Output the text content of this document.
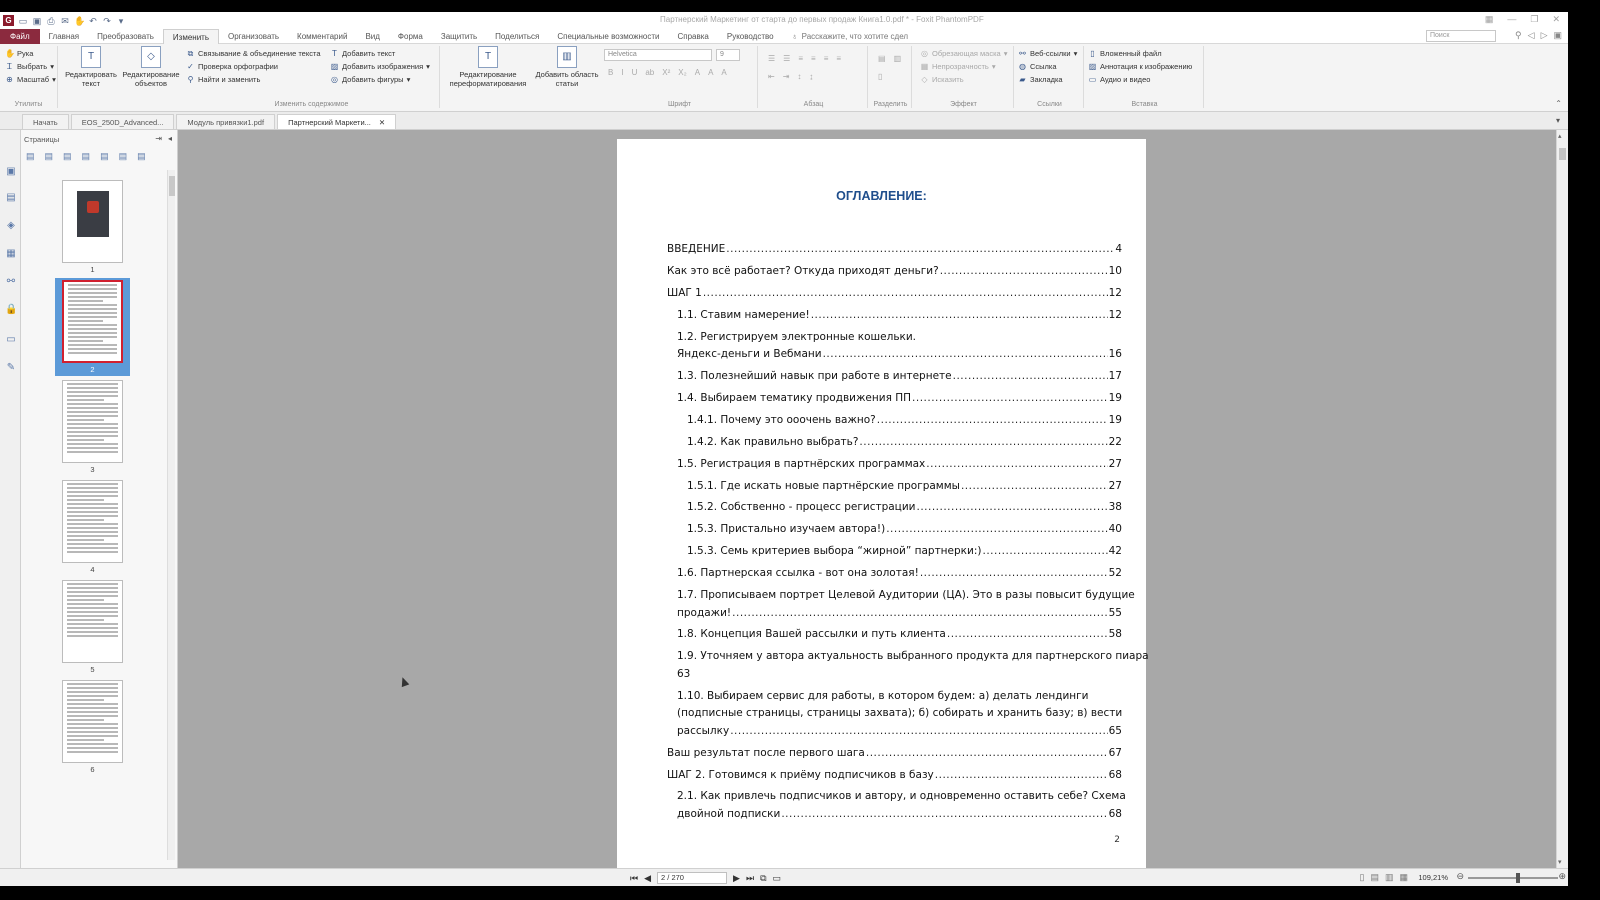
G ▭ ▣ ⎙ ✉ ✋ ↶ ↷ ▾	Партнерский Маркетинг от старта до первых продаж Книга1.0.pdf * - Foxit PhantomPDF	▦ — ❐ ✕
Файл	Главная	Преобразовать	Изменить	Организовать	Комментарий	Вид	Форма	Защитить	Поделиться	Специальные возможности	Справка	Руководство	♁ Расскажите, что хотите сдел	Поиск	⚲ ◁ ▷ ▣
✋ Рука
Ꮖ Выбрать ▾
⊕ Масштаб ▾
Утилиты
T
Редактировать текст
◇
Редактирование объектов
⧉ Связывание & объединение текста
✓ Проверка орфографии
⚲ Найти и заменить
T Добавить текст
▨ Добавить изображения ▾
◎ Добавить фигуры ▾
Изменить содержимое
T
Редактирование переформатирования
▥
Добавить область статьи
Helvetica	9
B I U ab X² X₂ A A A
Шрифт
☰ ☰ ≡ ≡ ≡ ≡
⇤ ⇥ ↕ ↨
Абзац
▤ ▥
▯
Разделить
◎ Обрезающая маска ▾
▦ Непрозрачность ▾
◇ Исказить
Эффект
⚯ Веб-ссылки ▾
◍ Ссылка
▰ Закладка
Ссылки
▯ Вложенный файл
▨ Аннотация к изображению
▭ Аудио и видео
Вставка	⌃
Начать	EOS_250D_Advanced...	Модуль привязки1.pdf	Партнерский Маркети... ✕	▾
▣
▤
◈
▦
⚯
🔒
▭
✎
Страницы	⇥ ◂
▤ ▤ ▤ ▤ ▤ ▤ ▤
1
2
3
4
5
6
ОГЛАВЛЕНИЕ:
ВВЕДЕНИЕ .....	4
Как это всё работает? Откуда приходят деньги? .....	10
ШАГ 1 .....	12
1.1. Ставим намерение! .....	12
1.2. Регистрируем электронные кошельки.
Яндекс-деньги и Вебмани .....	16
1.3. Полезнейший навык при работе в интернете .....	17
1.4. Выбираем тематику продвижения ПП .....	19
1.4.1. Почему это ооочень важно? .....	19
1.4.2. Как правильно выбрать? .....	22
1.5. Регистрация в партнёрских программах .....	27
1.5.1. Где искать новые партнёрские программы .....	27
1.5.2. Собственно - процесс регистрации .....	38
1.5.3. Пристально изучаем автора!) .....	40
1.5.3. Семь критериев выбора “жирной” партнерки:) .....	42
1.6. Партнерская ссылка - вот она золотая! .....	52
1.7. Прописываем портрет Целевой Аудитории (ЦА). Это в разы повысит будущие
продажи! .....	55
1.8. Концепция Вашей рассылки и путь клиента .....	58
1.9. Уточняем у автора актуальность выбранного продукта для партнерского пиара
63
1.10. Выбираем сервис для работы, в котором будем: а) делать лендинги
(подписные страницы, страницы захвата); б) собирать и хранить базу; в) вести
рассылку .....	65
Ваш результат после первого шага .....	67
ШАГ 2. Готовимся к приёму подписчиков в базу .....	68
2.1. Как привлечь подписчиков и автору, и одновременно оставить себе? Схема
двойной подписки .....	68
2
▴
▾
⏮ ◀	2 / 270	▶ ⏭ ⧉ ▭	▯ ▤ ▥ ▦ 109,21% ⊖	⊕
